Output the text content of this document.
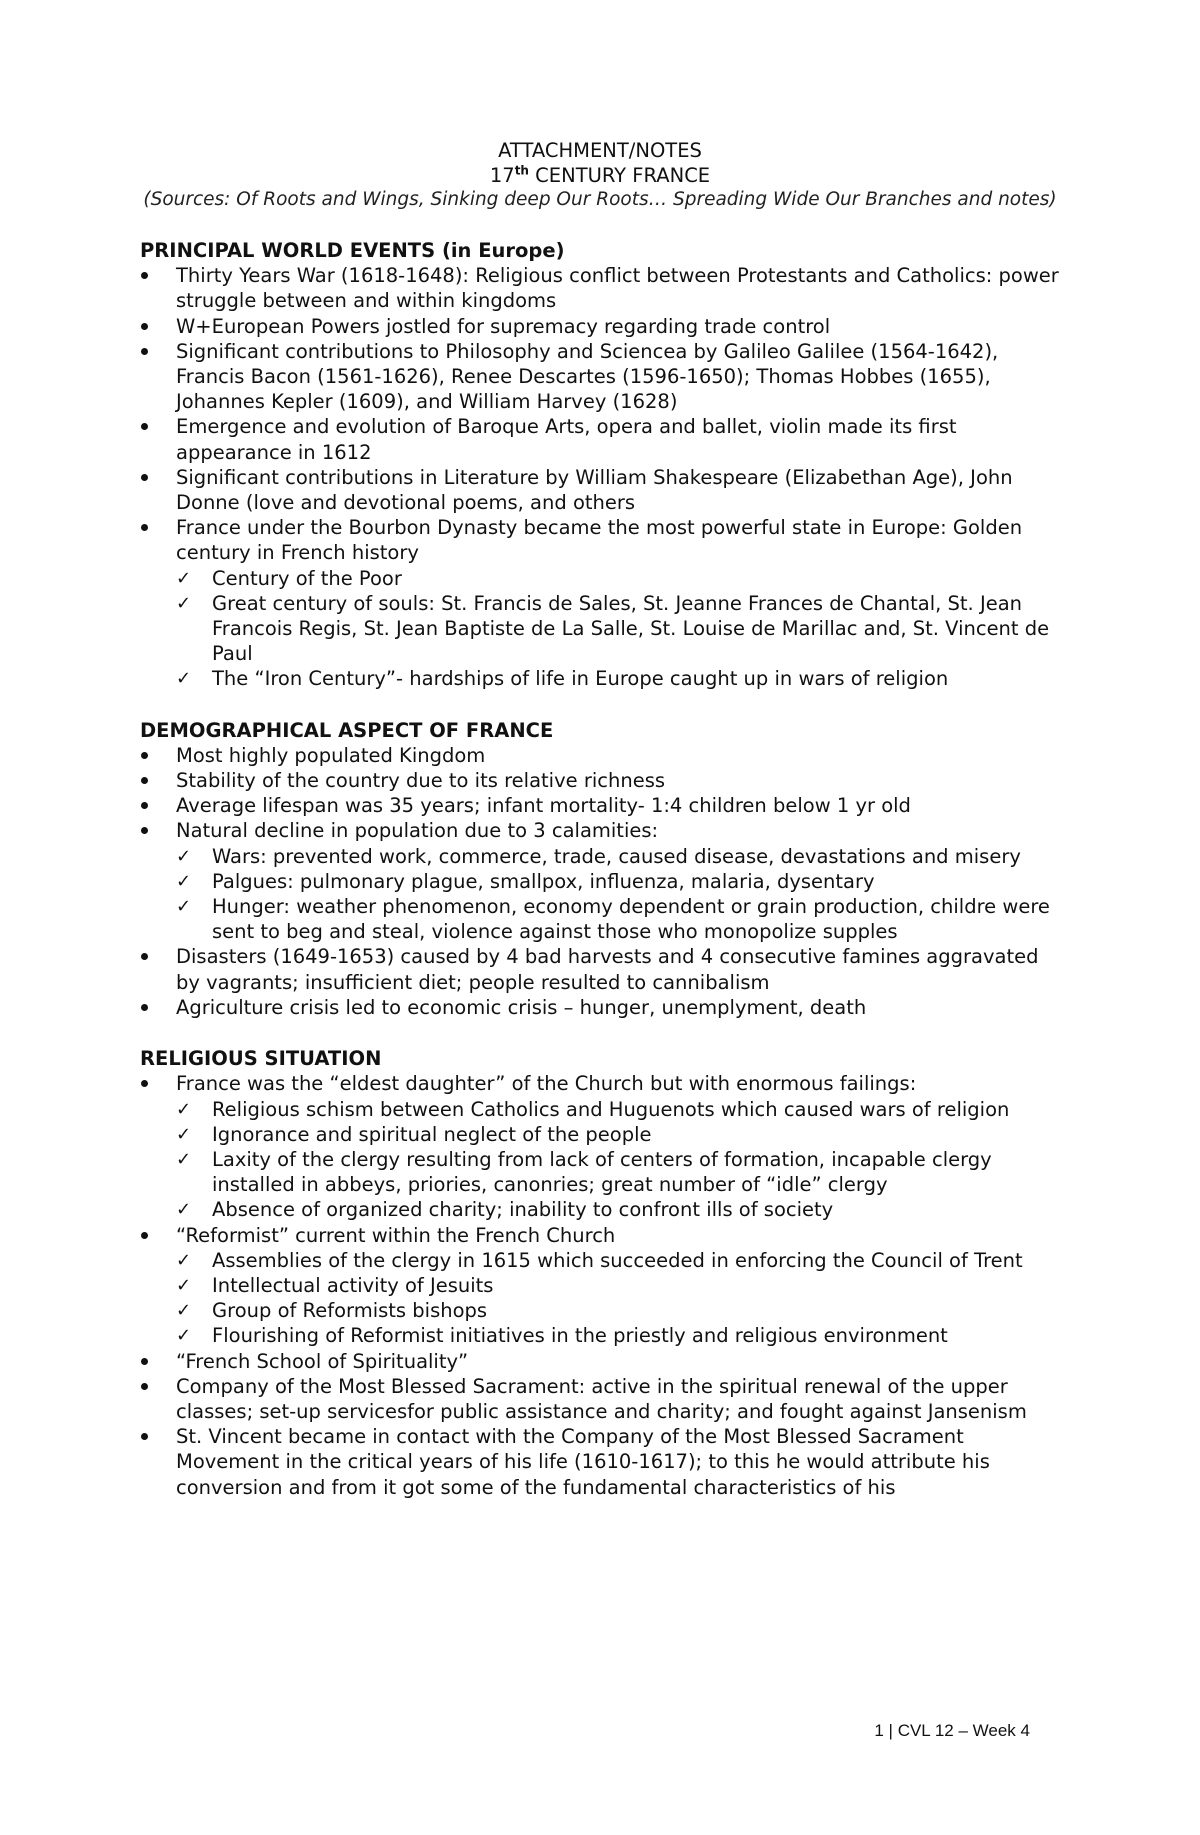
ATTACHMENT/NOTES
17th CENTURY FRANCE
(Sources: Of Roots and Wings, Sinking deep Our Roots… Spreading Wide Our Branches and notes)
PRINCIPAL WORLD EVENTS (in Europe)
Thirty Years War (1618-1648): Religious conflict between Protestants and Catholics: power struggle between and within kingdoms
W+European Powers jostled for supremacy regarding trade control
Significant contributions to Philosophy and Sciencea by Galileo Galilee (1564-1642), Francis Bacon (1561-1626), Renee Descartes (1596-1650); Thomas Hobbes (1655), Johannes Kepler (1609), and William Harvey (1628)
Emergence and evolution of Baroque Arts, opera and ballet, violin made its first appearance in 1612
Significant contributions in Literature by William Shakespeare (Elizabethan Age), John Donne (love and devotional poems, and others
France under the Bourbon Dynasty became the most powerful state in Europe: Golden century in French history
✓ Century of the Poor
✓ Great century of souls: St. Francis de Sales, St. Jeanne Frances de Chantal, St. Jean Francois Regis, St. Jean Baptiste de La Salle, St. Louise de Marillac and, St. Vincent de Paul
✓ The “Iron Century”- hardships of life in Europe caught up in wars of religion
DEMOGRAPHICAL ASPECT OF FRANCE
Most highly populated Kingdom
Stability of the country due to its relative richness
Average lifespan was 35 years; infant mortality- 1:4 children below 1 yr old
Natural decline in population due to 3 calamities:
✓ Wars: prevented work, commerce, trade, caused disease, devastations and misery
✓ Palgues: pulmonary plague, smallpox, influenza, malaria, dysentary
✓ Hunger: weather phenomenon, economy dependent or grain production, childre were sent to beg and steal, violence against those who monopolize supples
Disasters (1649-1653) caused by 4 bad harvests and 4 consecutive famines aggravated by vagrants; insufficient diet; people resulted to cannibalism
Agriculture crisis led to economic crisis – hunger, unemplyment, death
RELIGIOUS SITUATION
France was the “eldest daughter” of the Church but with enormous failings:
✓ Religious schism between Catholics and Huguenots which caused wars of religion
✓ Ignorance and spiritual neglect of the people
✓ Laxity of the clergy resulting from lack of centers of formation, incapable clergy installed in abbeys, priories, canonries; great number of “idle” clergy
✓ Absence of organized charity; inability to confront ills of society
“Reformist” current within the French Church
✓ Assemblies of the clergy in 1615 which succeeded in enforcing the Council of Trent
✓ Intellectual activity of Jesuits
✓ Group of Reformists bishops
✓ Flourishing of Reformist initiatives in the priestly and religious environment
“French School of Spirituality”
Company of the Most Blessed Sacrament: active in the spiritual renewal of the upper classes; set-up servicesfor public assistance and charity; and fought against Jansenism
St. Vincent became in contact with the Company of the Most Blessed Sacrament Movement in the critical years of his life (1610-1617); to this he would attribute his conversion and from it got some of the fundamental characteristics of his
1 | CVL 12 – Week 4
